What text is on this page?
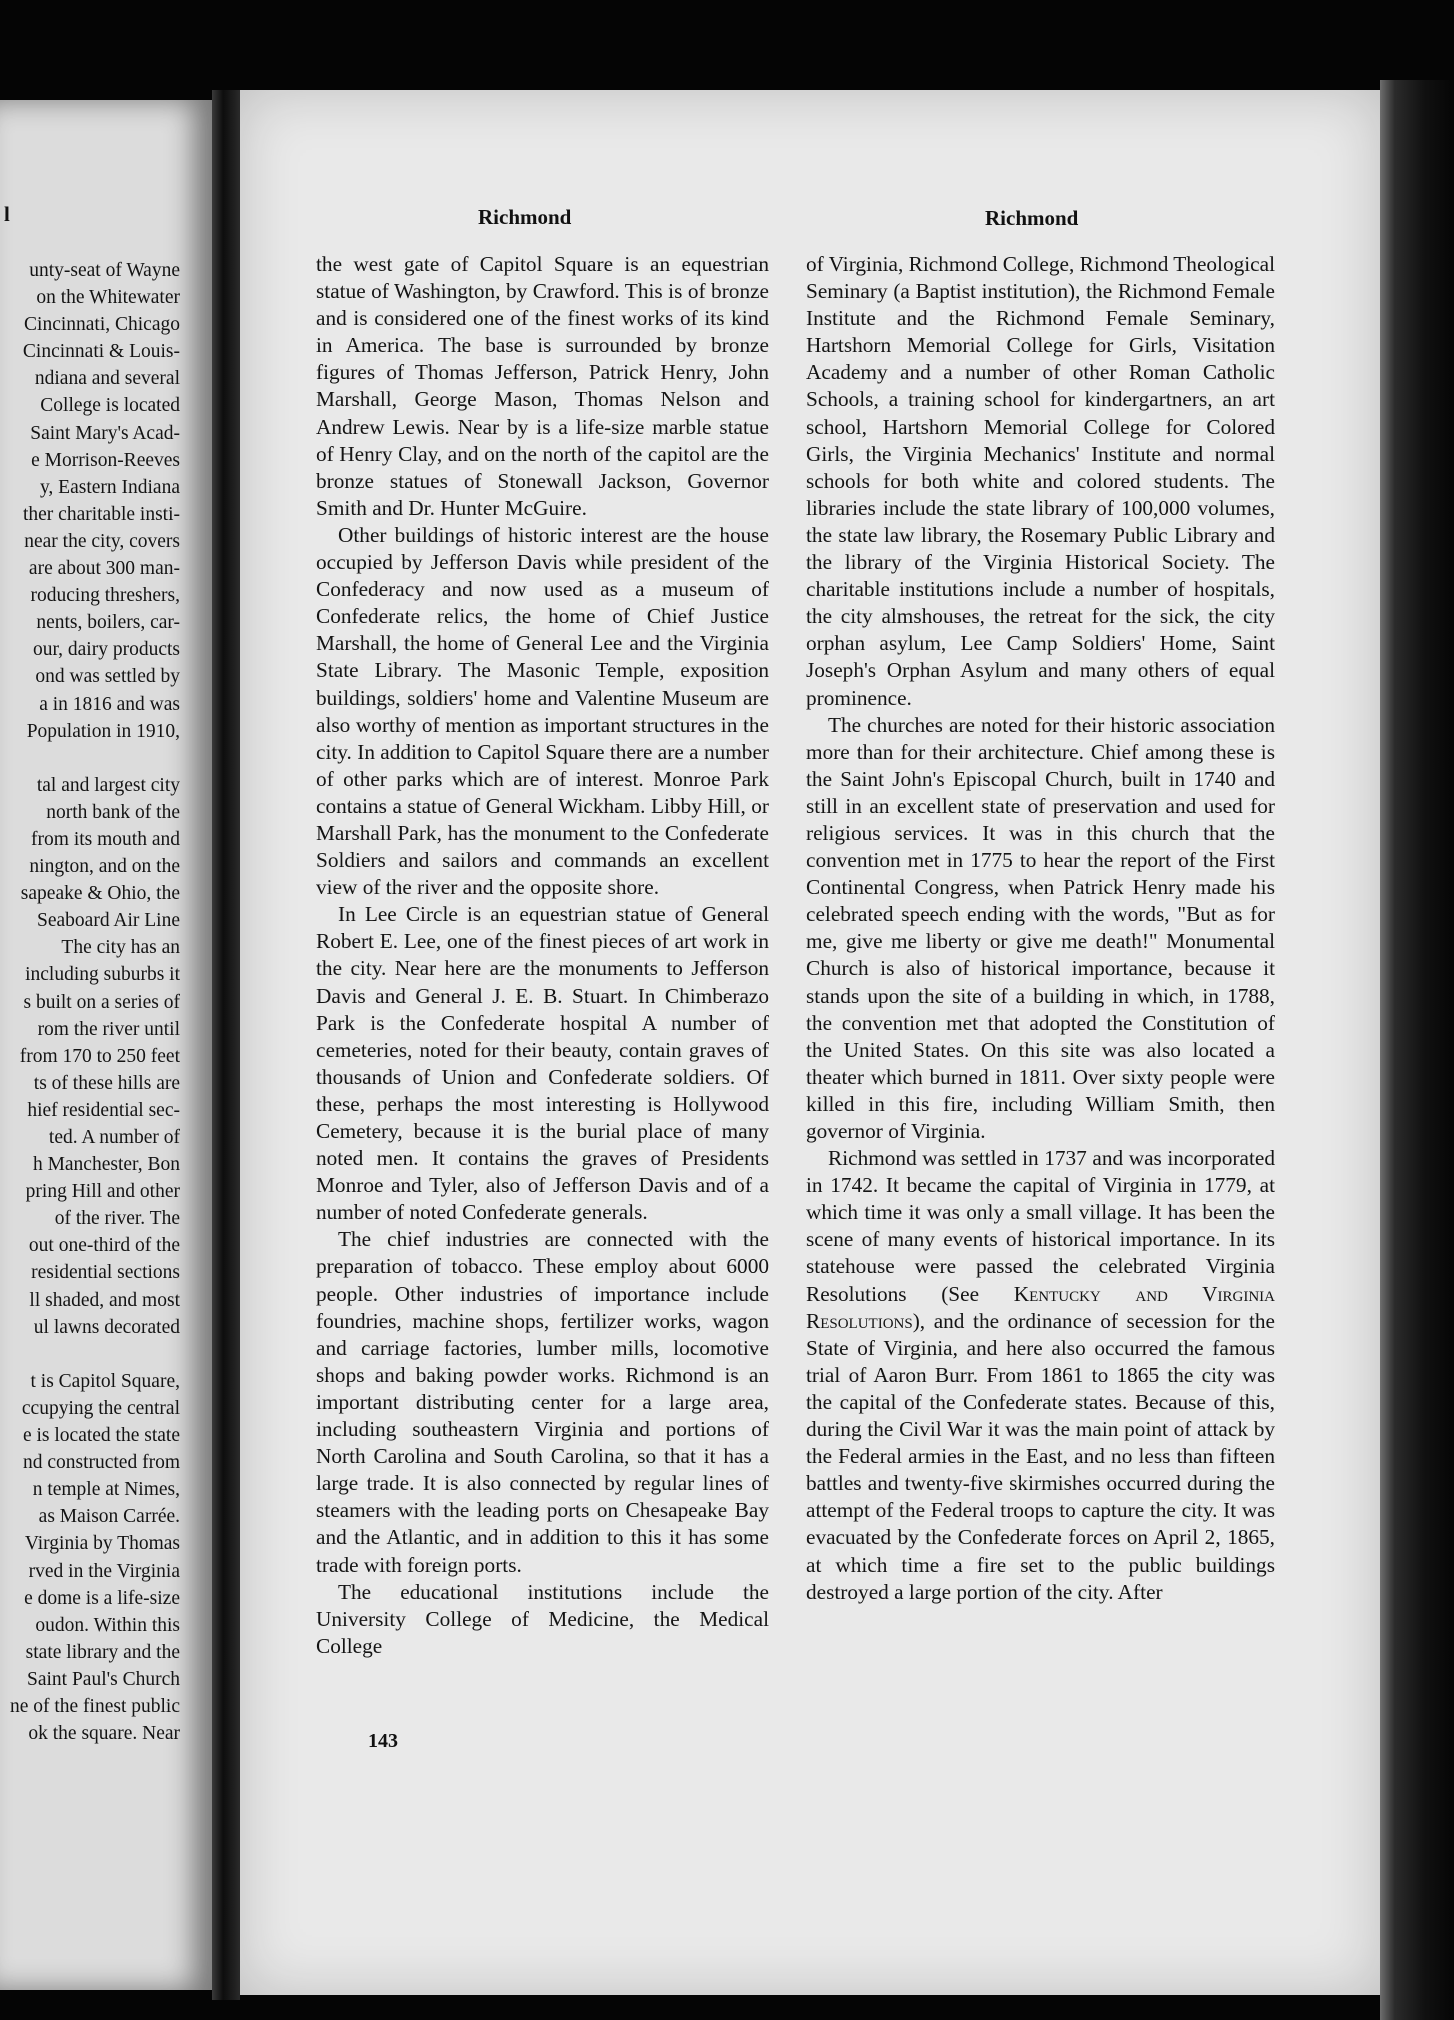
l
unty-seat of Wayne
on the Whitewater
Cincinnati, Chicago
Cincinnati & Louis-
ndiana and several
College is located
Saint Mary's Acad-
e Morrison-Reeves
y, Eastern Indiana
ther charitable insti-
near the city, covers
are about 300 man-
roducing threshers,
nents, boilers, car-
our, dairy products
ond was settled by
a in 1816 and was
Population in 1910,

tal and largest city
north bank of the
from its mouth and
nington, and on the
sapeake & Ohio, the
Seaboard Air Line
The city has an
including suburbs it
s built on a series of
rom the river until
from 170 to 250 feet
ts of these hills are
hief residential sec-
ted. A number of
h Manchester, Bon
pring Hill and other
of the river. The
out one-third of the
residential sections
ll shaded, and most
ul lawns decorated

t is Capitol Square,
ccupying the central
e is located the state
nd constructed from
n temple at Nimes,
as Maison Carrée.
Virginia by Thomas
rved in the Virginia
e dome is a life-size
oudon. Within this
state library and the
Saint Paul's Church
ne of the finest public
ok the square. Near
Richmond	Richmond

the west gate of Capitol Square is an equestrian statue of Washington, by Crawford. This is of bronze and is considered one of the finest works of its kind in America. The base is surrounded by bronze figures of Thomas Jefferson, Patrick Henry, John Marshall, George Mason, Thomas Nelson and Andrew Lewis. Near by is a life-size marble statue of Henry Clay, and on the north of the capitol are the bronze statues of Stonewall Jackson, Governor Smith and Dr. Hunter McGuire.

Other buildings of historic interest are the house occupied by Jefferson Davis while president of the Confederacy and now used as a museum of Confederate relics, the home of Chief Justice Marshall, the home of General Lee and the Virginia State Library. The Masonic Temple, exposition buildings, soldiers' home and Valentine Museum are also worthy of mention as important structures in the city. In addition to Capitol Square there are a number of other parks which are of interest. Monroe Park contains a statue of General Wickham. Libby Hill, or Marshall Park, has the monument to the Confederate Soldiers and sailors and commands an excellent view of the river and the opposite shore.

In Lee Circle is an equestrian statue of General Robert E. Lee, one of the finest pieces of art work in the city. Near here are the monuments to Jefferson Davis and General J. E. B. Stuart. In Chimberazo Park is the Confederate hospital A number of cemeteries, noted for their beauty, contain graves of thousands of Union and Confederate soldiers. Of these, perhaps the most interesting is Hollywood Cemetery, because it is the burial place of many noted men. It contains the graves of Presidents Monroe and Tyler, also of Jefferson Davis and of a number of noted Confederate generals.

The chief industries are connected with the preparation of tobacco. These employ about 6000 people. Other industries of importance include foundries, machine shops, fertilizer works, wagon and carriage factories, lumber mills, locomotive shops and baking powder works. Richmond is an important distributing center for a large area, including southeastern Virginia and portions of North Carolina and South Carolina, so that it has a large trade. It is also connected by regular lines of steamers with the leading ports on Chesapeake Bay and the Atlantic, and in addition to this it has some trade with foreign ports.

The educational institutions include the University College of Medicine, the Medical College

143

of Virginia, Richmond College, Richmond Theological Seminary (a Baptist institution), the Richmond Female Institute and the Richmond Female Seminary, Hartshorn Memorial College for Girls, Visitation Academy and a number of other Roman Catholic Schools, a training school for kindergartners, an art school, Hartshorn Memorial College for Colored Girls, the Virginia Mechanics' Institute and normal schools for both white and colored students. The libraries include the state library of 100,000 volumes, the state law library, the Rosemary Public Library and the library of the Virginia Historical Society. The charitable institutions include a number of hospitals, the city almshouses, the retreat for the sick, the city orphan asylum, Lee Camp Soldiers' Home, Saint Joseph's Orphan Asylum and many others of equal prominence.

The churches are noted for their historic association more than for their architecture. Chief among these is the Saint John's Episcopal Church, built in 1740 and still in an excellent state of preservation and used for religious services. It was in this church that the convention met in 1775 to hear the report of the First Continental Congress, when Patrick Henry made his celebrated speech ending with the words, "But as for me, give me liberty or give me death!" Monumental Church is also of historical importance, because it stands upon the site of a building in which, in 1788, the convention met that adopted the Constitution of the United States. On this site was also located a theater which burned in 1811. Over sixty people were killed in this fire, including William Smith, then governor of Virginia.

Richmond was settled in 1737 and was incorporated in 1742. It became the capital of Virginia in 1779, at which time it was only a small village. It has been the scene of many events of historical importance. In its statehouse were passed the celebrated Virginia Resolutions (See Kentucky and Virginia Resolutions), and the ordinance of secession for the State of Virginia, and here also occurred the famous trial of Aaron Burr. From 1861 to 1865 the city was the capital of the Confederate states. Because of this, during the Civil War it was the main point of attack by the Federal armies in the East, and no less than fifteen battles and twenty-five skirmishes occurred during the attempt of the Federal troops to capture the city. It was evacuated by the Confederate forces on April 2, 1865, at which time a fire set to the public buildings destroyed a large portion of the city. After
